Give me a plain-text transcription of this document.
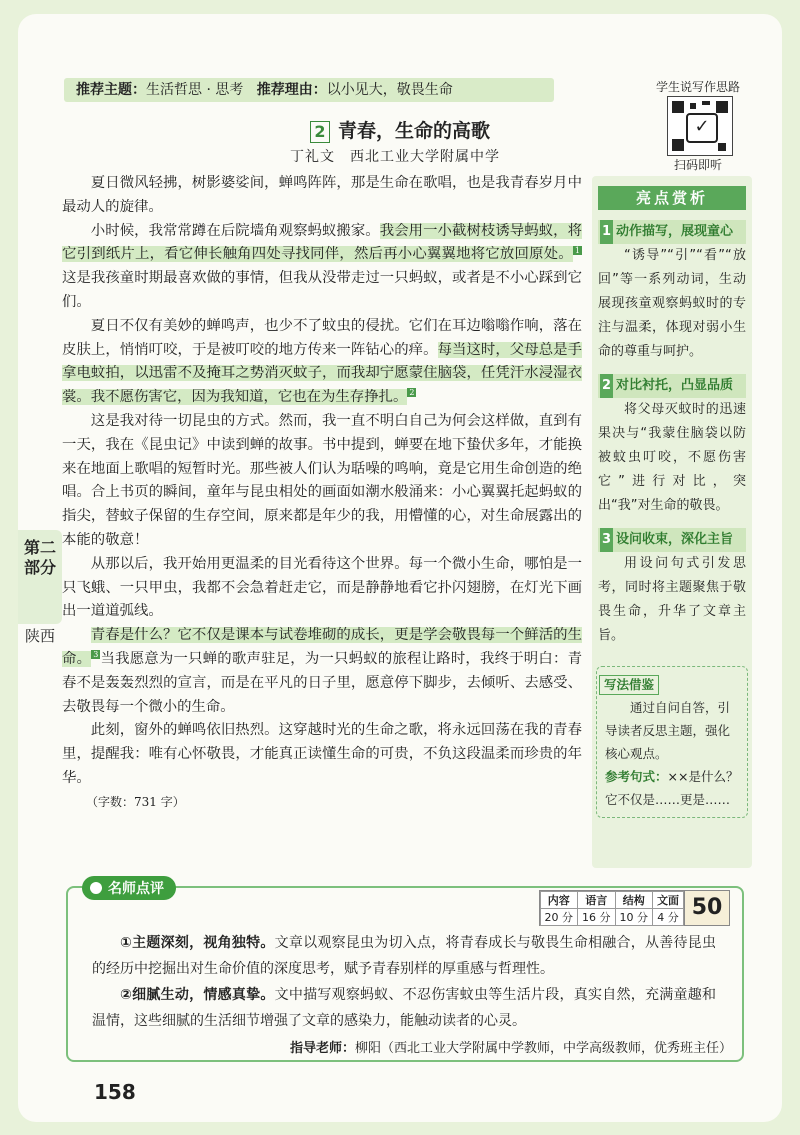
推荐主题：生活哲思 · 思考 推荐理由：以小见大，敬畏生命	学生说写作思路
✓
扫码即听
2 青春，生命的高歌
丁礼文　西北工业大学附属中学

夏日微风轻拂，树影婆娑间，蝉鸣阵阵，那是生命在歌唱，也是我青春岁月中最动人的旋律。

小时候，我常常蹲在后院墙角观察蚂蚁搬家。我会用一小截树枝诱导蚂蚁，将它引到纸片上，看它伸长触角四处寻找同伴，然后再小心翼翼地将它放回原处。 1这是我孩童时期最喜欢做的事情，但我从没带走过一只蚂蚁，或者是不小心踩到它们。

夏日不仅有美妙的蝉鸣声，也少不了蚊虫的侵扰。它们在耳边嗡嗡作响，落在皮肤上，悄悄叮咬，于是被叮咬的地方传来一阵钻心的痒。每当这时，父母总是手拿电蚊拍，以迅雷不及掩耳之势消灭蚊子，而我却宁愿蒙住脑袋，任凭汗水浸湿衣裳。我不愿伤害它，因为我知道，它也在为生存挣扎。 2

这是我对待一切昆虫的方式。然而，我一直不明白自己为何会这样做，直到有一天，我在《昆虫记》中读到蝉的故事。书中提到，蝉要在地下蛰伏多年，才能换来在地面上歌唱的短暂时光。那些被人们认为聒噪的鸣响，竟是它用生命创造的绝唱。合上书页的瞬间，童年与昆虫相处的画面如潮水般涌来：小心翼翼托起蚂蚁的指尖，替蚊子保留的生存空间，原来都是年少的我，用懵懂的心，对生命展露出的本能的敬意！

从那以后，我开始用更温柔的目光看待这个世界。每一个微小生命，哪怕是一只飞蛾、一只甲虫，我都不会急着赶走它，而是静静地看它扑闪翅膀，在灯光下画出一道道弧线。

青春是什么？它不仅是课本与试卷堆砌的成长，更是学会敬畏每一个鲜活的生命。 3 当我愿意为一只蝉的歌声驻足，为一只蚂蚁的旅程让路时，我终于明白：青春不是轰轰烈烈的宣言，而是在平凡的日子里，愿意停下脚步，去倾听、去感受、去敬畏每一个微小的生命。

此刻，窗外的蝉鸣依旧热烈。这穿越时光的生命之歌，将永远回荡在我的青春里，提醒我：唯有心怀敬畏，才能真正读懂生命的可贵，不负这段温柔而珍贵的年华。

（字数：731 字）

第二部分
陕西
亮点赏析
1 动作描写，展现童心
“诱导”“引”“看”“放回”等一系列动词，生动展现孩童观察蚂蚁时的专注与温柔，体现对弱小生命的尊重与呵护。
2 对比衬托，凸显品质
将父母灭蚊时的迅速果决与“我蒙住脑袋以防被蚊虫叮咬，不愿伤害它”进行对比，突出“我”对生命的敬畏。
3 设问收束，深化主旨
用设问句式引发思考，同时将主题聚焦于敬畏生命，升华了文章主旨。
写法借鉴
通过自问自答，引导读者反思主题，强化核心观点。
参考句式：××是什么？它不仅是……更是……
名师点评
内容	语言	结构	文面
20 分	16 分	10 分	4 分 50

①主题深刻，视角独特。文章以观察昆虫为切入点，将青春成长与敬畏生命相融合，从善待昆虫的经历中挖掘出对生命价值的深度思考，赋予青春别样的厚重感与哲理性。

②细腻生动，情感真挚。文中描写观察蚂蚁、不忍伤害蚊虫等生活片段，真实自然，充满童趣和温情，这些细腻的生活细节增强了文章的感染力，能触动读者的心灵。

指导老师：柳阳（西北工业大学附属中学教师，中学高级教师，优秀班主任）
158
